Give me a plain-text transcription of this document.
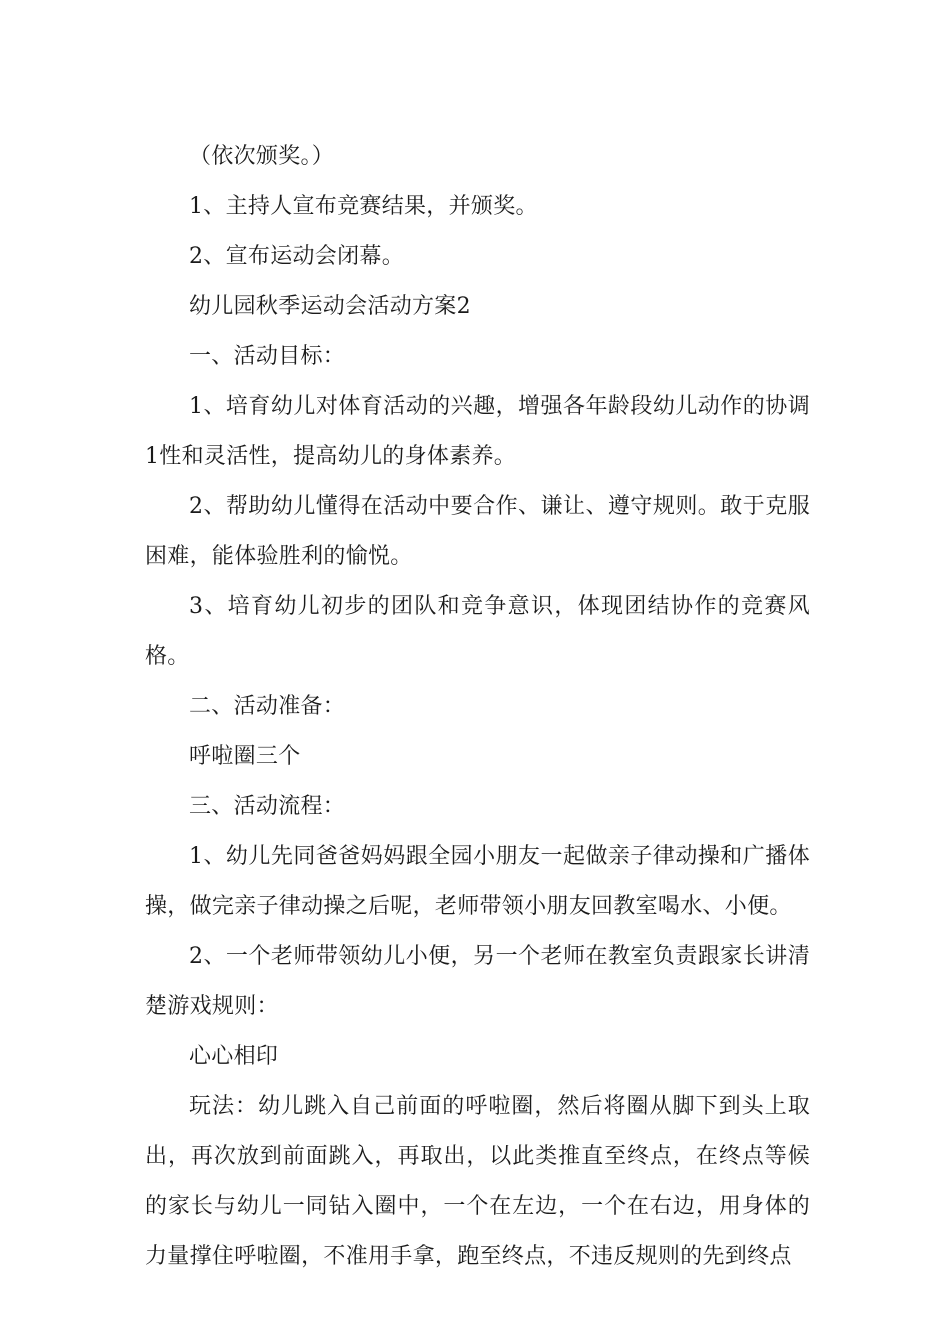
（依次颁奖。）

1、主持人宣布竞赛结果，并颁奖。

2、宣布运动会闭幕。

幼儿园秋季运动会活动方案2

一、活动目标：

1、培育幼儿对体育活动的兴趣，增强各年龄段幼儿动作的协调1性和灵活性，提高幼儿的身体素养。

2、帮助幼儿懂得在活动中要合作、谦让、遵守规则。敢于克服困难，能体验胜利的愉悦。

3、培育幼儿初步的团队和竞争意识，体现团结协作的竞赛风格。

二、活动准备：

呼啦圈三个

三、活动流程：

1、幼儿先同爸爸妈妈跟全园小朋友一起做亲子律动操和广播体操，做完亲子律动操之后呢，老师带领小朋友回教室喝水、小便。

2、一个老师带领幼儿小便，另一个老师在教室负责跟家长讲清楚游戏规则：

心心相印

玩法：幼儿跳入自己前面的呼啦圈，然后将圈从脚下到头上取出，再次放到前面跳入，再取出，以此类推直至终点，在终点等候的家长与幼儿一同钻入圈中，一个在左边，一个在右边，用身体的力量撑住呼啦圈，不准用手拿，跑至终点，不违反规则的先到终点
